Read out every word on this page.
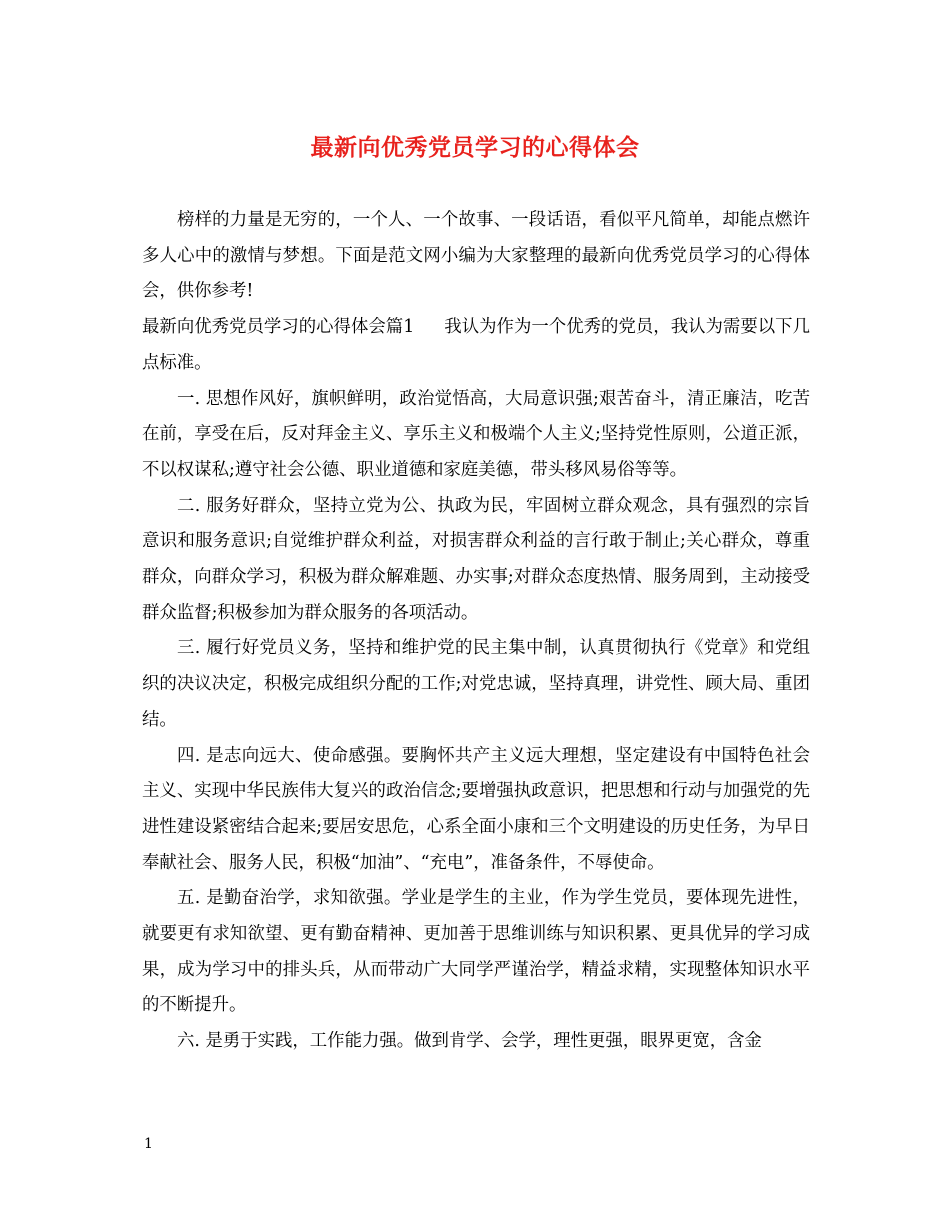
最新向优秀党员学习的心得体会

榜样的力量是无穷的，一个人、一个故事、一段话语，看似平凡简单，却能点燃许多人心中的激情与梦想。下面是范文网小编为大家整理的最新向优秀党员学习的心得体会，供你参考!

最新向优秀党员学习的心得体会篇1 我认为作为一个优秀的党员，我认为需要以下几点标准。

一. 思想作风好，旗帜鲜明，政治觉悟高，大局意识强;艰苦奋斗，清正廉洁，吃苦在前，享受在后，反对拜金主义、享乐主义和极端个人主义;坚持党性原则，公道正派，不以权谋私;遵守社会公德、职业道德和家庭美德，带头移风易俗等等。

二. 服务好群众，坚持立党为公、执政为民，牢固树立群众观念，具有强烈的宗旨意识和服务意识;自觉维护群众利益，对损害群众利益的言行敢于制止;关心群众，尊重群众，向群众学习，积极为群众解难题、办实事;对群众态度热情、服务周到，主动接受群众监督;积极参加为群众服务的各项活动。

三. 履行好党员义务，坚持和维护党的民主集中制，认真贯彻执行《党章》和党组织的决议决定，积极完成组织分配的工作;对党忠诚，坚持真理，讲党性、顾大局、重团结。

四. 是志向远大、使命感强。要胸怀共产主义远大理想，坚定建设有中国特色社会主义、实现中华民族伟大复兴的政治信念;要增强执政意识，把思想和行动与加强党的先进性建设紧密结合起来;要居安思危，心系全面小康和三个文明建设的历史任务，为早日奉献社会、服务人民，积极“加油”、“充电”，准备条件，不辱使命。

五. 是勤奋治学，求知欲强。学业是学生的主业，作为学生党员，要体现先进性，就要更有求知欲望、更有勤奋精神、更加善于思维训练与知识积累、更具优异的学习成果，成为学习中的排头兵，从而带动广大同学严谨治学，精益求精，实现整体知识水平的不断提升。

六. 是勇于实践，工作能力强。做到肯学、会学，理性更强，眼界更宽，含金

1
